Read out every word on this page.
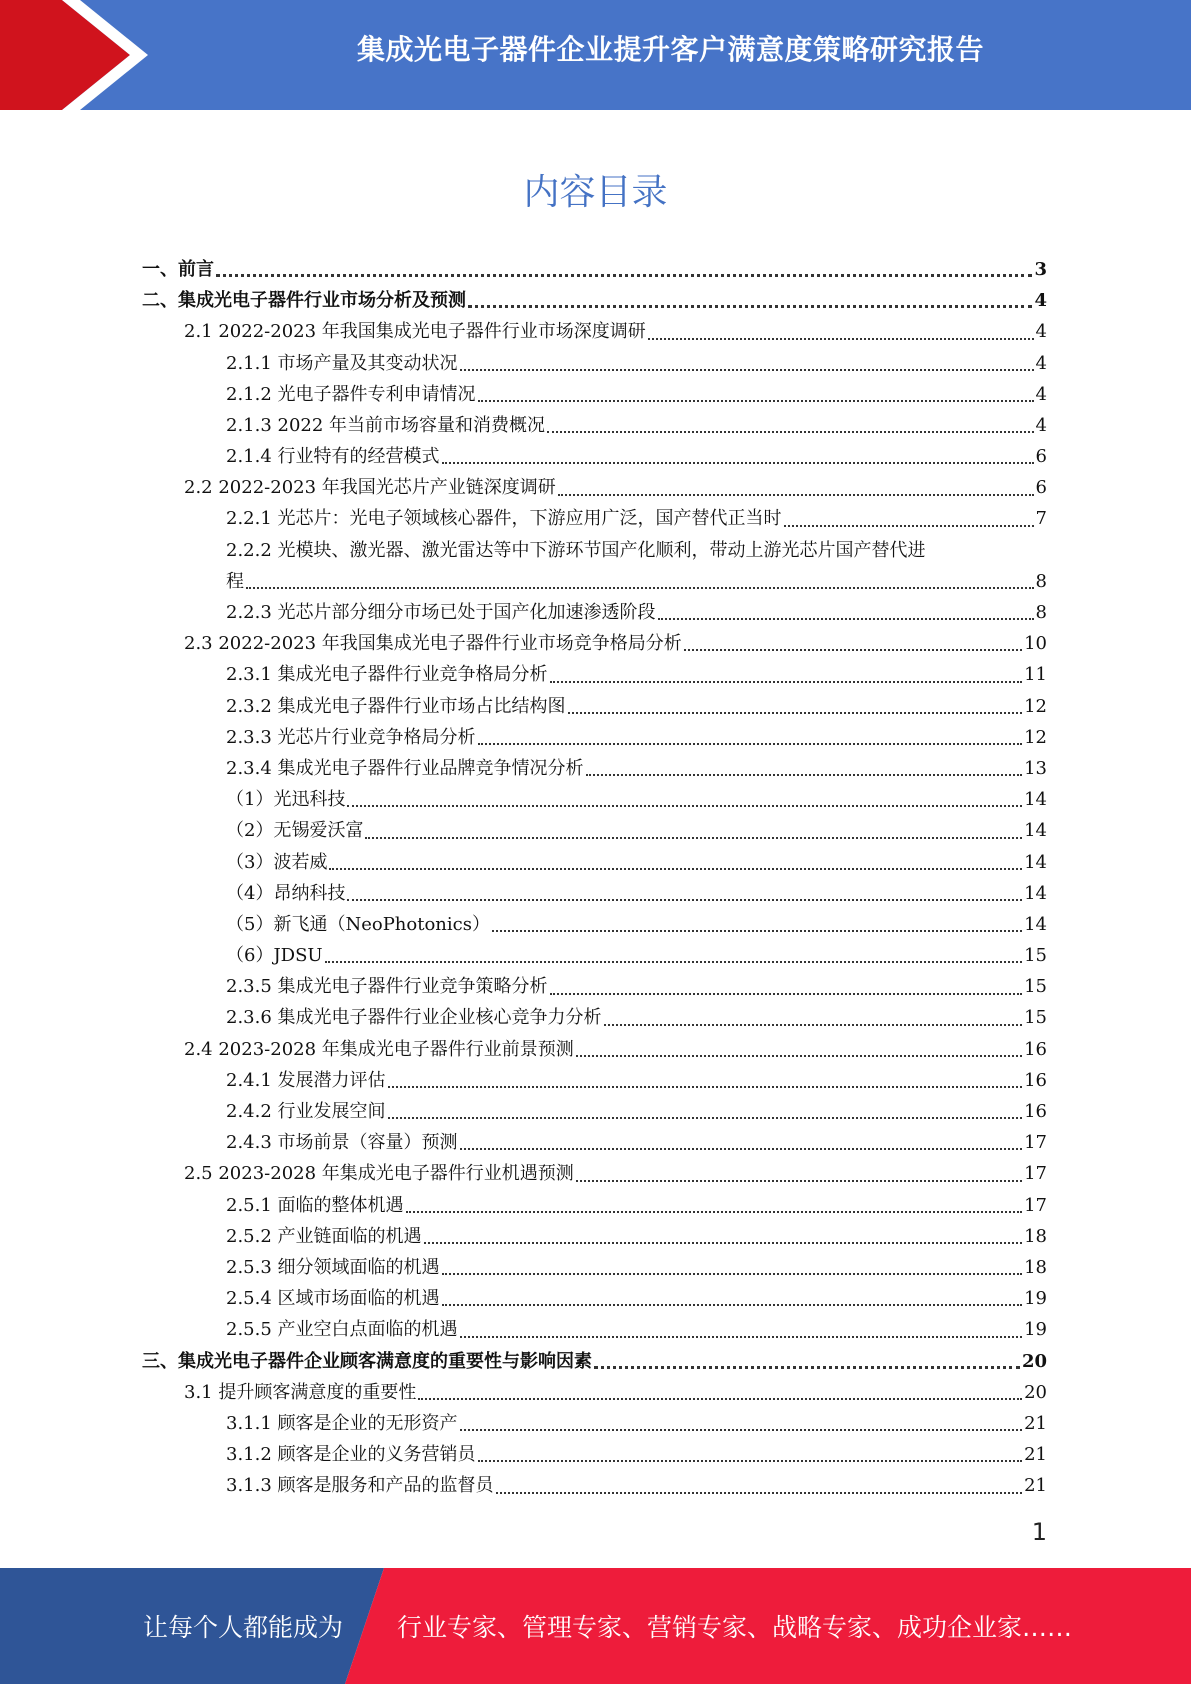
集成光电子器件企业提升客户满意度策略研究报告
内容目录
一、前言	3
二、集成光电子器件行业市场分析及预测	4
2.1 2022-2023 年我国集成光电子器件行业市场深度调研	4
2.1.1 市场产量及其变动状况	4
2.1.2 光电子器件专利申请情况	4
2.1.3 2022 年当前市场容量和消费概况	4
2.1.4 行业特有的经营模式	6
2.2 2022-2023 年我国光芯片产业链深度调研	6
2.2.1 光芯片：光电子领域核心器件，下游应用广泛，国产替代正当时	7
2.2.2 光模块、激光器、激光雷达等中下游环节国产化顺利，带动上游光芯片国产替代进
程	8
2.2.3 光芯片部分细分市场已处于国产化加速渗透阶段	8
2.3 2022-2023 年我国集成光电子器件行业市场竞争格局分析	10
2.3.1 集成光电子器件行业竞争格局分析	11
2.3.2 集成光电子器件行业市场占比结构图	12
2.3.3 光芯片行业竞争格局分析	12
2.3.4 集成光电子器件行业品牌竞争情况分析	13
（1）光迅科技	14
（2）无锡爱沃富	14
（3）波若威	14
（4）昂纳科技	14
（5）新飞通（NeoPhotonics）	14
（6）JDSU	15
2.3.5 集成光电子器件行业竞争策略分析	15
2.3.6 集成光电子器件行业企业核心竞争力分析	15
2.4 2023-2028 年集成光电子器件行业前景预测	16
2.4.1 发展潜力评估	16
2.4.2 行业发展空间	16
2.4.3 市场前景（容量）预测	17
2.5 2023-2028 年集成光电子器件行业机遇预测	17
2.5.1 面临的整体机遇	17
2.5.2 产业链面临的机遇	18
2.5.3 细分领域面临的机遇	18
2.5.4 区域市场面临的机遇	19
2.5.5 产业空白点面临的机遇	19
三、集成光电子器件企业顾客满意度的重要性与影响因素	20
3.1 提升顾客满意度的重要性	20
3.1.1 顾客是企业的无形资产	21
3.1.2 顾客是企业的义务营销员	21
3.1.3 顾客是服务和产品的监督员	21
1
让每个人都能成为 行业专家、管理专家、营销专家、战略专家、成功企业家……
